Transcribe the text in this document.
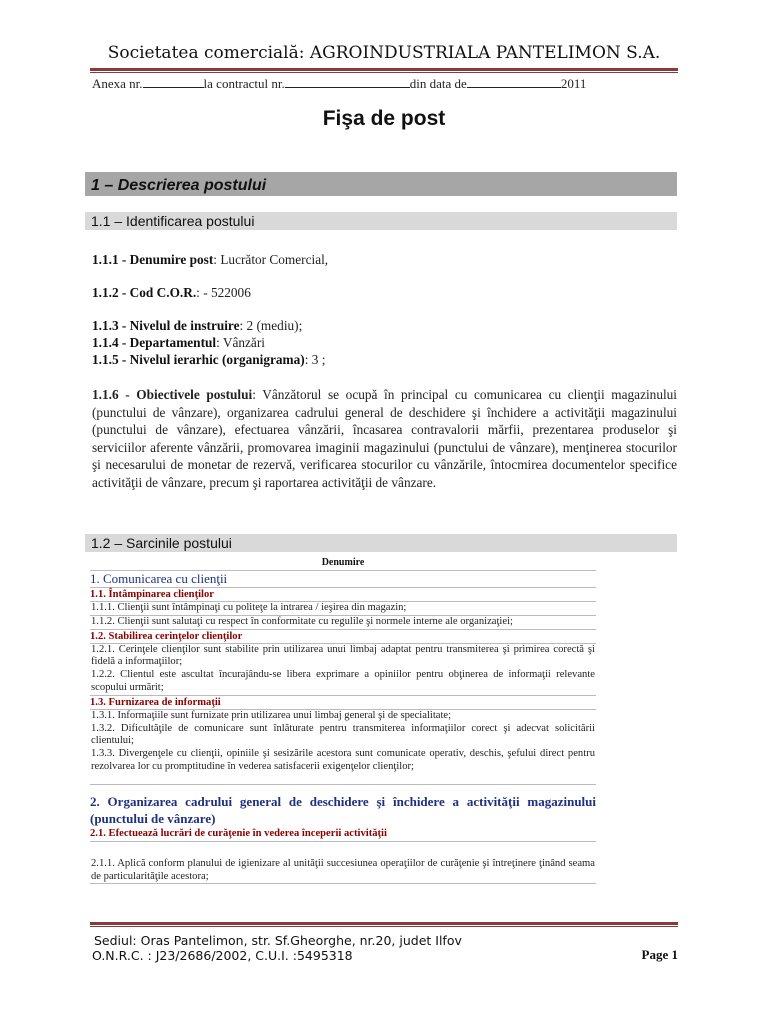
Societatea comercială: AGROINDUSTRIALA PANTELIMON S.A.
Anexa nr.	la contractul nr.	din data de	2011
Fişa de post
1 – Descrierea postului
1.1 – Identificarea postului
1.1.1 - Denumire post: Lucrător Comercial,
1.1.2 - Cod C.O.R.: - 522006
1.1.3 - Nivelul de instruire: 2 (mediu);
1.1.4 - Departamentul: Vânzări
1.1.5 - Nivelul ierarhic (organigrama): 3 ;
1.1.6 - Obiectivele postului: Vânzătorul se ocupă în principal cu comunicarea cu clienţii magazinului (punctului de vânzare), organizarea cadrului general de deschidere şi închidere a activităţii magazinului (punctului de vânzare), efectuarea vânzării, încasarea contravalorii mărfii, prezentarea produselor şi serviciilor aferente vânzării, promovarea imaginii magazinului (punctului de vânzare), menţinerea stocurilor şi necesarului de monetar de rezervă, verificarea stocurilor cu vânzările, întocmirea documentelor specifice activităţii de vânzare, precum şi raportarea activităţii de vânzare.
1.2 – Sarcinile postului
Denumire
1. Comunicarea cu clienţii
1.1. Întâmpinarea clienţilor
1.1.1. Clienţii sunt întâmpinaţi cu politeţe la intrarea / ieşirea din magazin;
1.1.2. Clienţii sunt salutaţi cu respect în conformitate cu regulile şi normele interne ale organizaţiei;
1.2. Stabilirea cerinţelor clienţilor
1.2.1. Cerinţele clienţilor sunt stabilite prin utilizarea unui limbaj adaptat pentru transmiterea şi primirea corectă şi fidelă a informaţiilor;
1.2.2. Clientul este ascultat încurajându-se libera exprimare a opiniilor pentru obţinerea de informaţii relevante scopului urmărit;
1.3. Furnizarea de informaţii
1.3.1. Informaţiile sunt furnizate prin utilizarea unui limbaj general şi de specialitate;
1.3.2. Dificultăţile de comunicare sunt înlăturate pentru transmiterea informaţiilor corect şi adecvat solicitării clientului;
1.3.3. Divergenţele cu clienţii, opiniile şi sesizările acestora sunt comunicate operativ, deschis, şefului direct pentru rezolvarea lor cu promptitudine în vederea satisfacerii exigenţelor clienţilor;
2. Organizarea cadrului general de deschidere şi închidere a activităţii magazinului (punctului de vânzare)
2.1. Efectuează lucrări de curăţenie în vederea începerii activităţii
2.1.1. Aplică conform planului de igienizare al unităţii succesiunea operaţiilor de curăţenie şi întreţinere ţinând seama de particularităţile acestora;
Sediul: Oras Pantelimon, str. Sf.Gheorghe, nr.20, judet Ilfov
O.N.R.C. : J23/2686/2002, C.U.I. :5495318	Page 1
